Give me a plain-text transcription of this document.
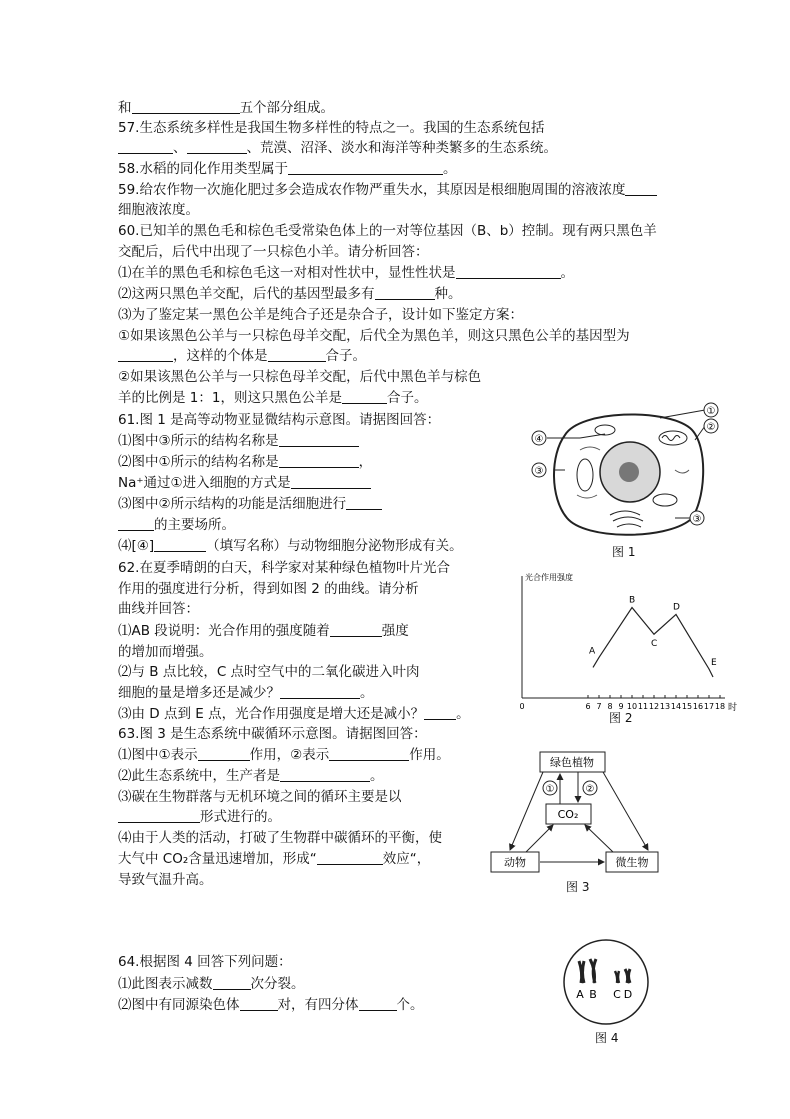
和	五个部分组成。
57.生态系统多样性是我国生物多样性的特点之一。我国的生态系统包括
、	、荒漠、沼泽、淡水和海洋等种类繁多的生态系统。
58.水稻的同化作用类型属于	。
59.给农作物一次施化肥过多会造成农作物严重失水，其原因是根细胞周围的溶液浓度
细胞液浓度。
60.已知羊的黑色毛和棕色毛受常染色体上的一对等位基因（B、b）控制。现有两只黑色羊
交配后，后代中出现了一只棕色小羊。请分析回答：
⑴在羊的黑色毛和棕色毛这一对相对性状中，显性性状是	。
⑵这两只黑色羊交配，后代的基因型最多有	种。
⑶为了鉴定某一黑色公羊是纯合子还是杂合子，设计如下鉴定方案：
①如果该黑色公羊与一只棕色母羊交配，后代全为黑色羊，则这只黑色公羊的基因型为
，这样的个体是	合子。
②如果该黑色公羊与一只棕色母羊交配，后代中黑色羊与棕色
羊的比例是 1：1，则这只黑色公羊是	合子。
61.图 1 是高等动物亚显微结构示意图。请据图回答：
⑴图中③所示的结构名称是
⑵图中①所示的结构名称是	，
Na⁺通过①进入细胞的方式是
⑶图中②所示结构的功能是活细胞进行
的主要场所。
⑷[④]	（填写名称）与动物细胞分泌物形成有关。
62.在夏季晴朗的白天，科学家对某种绿色植物叶片光合
作用的强度进行分析，得到如图 2 的曲线。请分析
曲线并回答：
⑴AB 段说明：光合作用的强度随着	强度
的增加而增强。
⑵与 B 点比较，C 点时空气中的二氧化碳进入叶肉
细胞的量是增多还是减少？	。
⑶由 D 点到 E 点，光合作用强度是增大还是减小？ 。
63.图 3 是生态系统中碳循环示意图。请据图回答：
⑴图中①表示	作用，②表示	作用。
⑵此生态系统中，生产者是	。
⑶碳在生物群落与无机环境之间的循环主要是以
形式进行的。
⑷由于人类的活动，打破了生物群中碳循环的平衡，使
大气中 CO₂含量迅速增加，形成“	效应“，
导致气温升高。
64.根据图 4 回答下列问题：
⑴此图表示减数	次分裂。
⑵图中有同源染色体	对，有四分体	个。
①
②
③
④
③
图 1
光合作用强度
时
0	6 7 8 9 10 11 12 13 14 15 16 17 18
A
B
C
D
E
图 2
绿色植物
CO₂
动物	微生物
①	②
图 3
A B C D
图 4
